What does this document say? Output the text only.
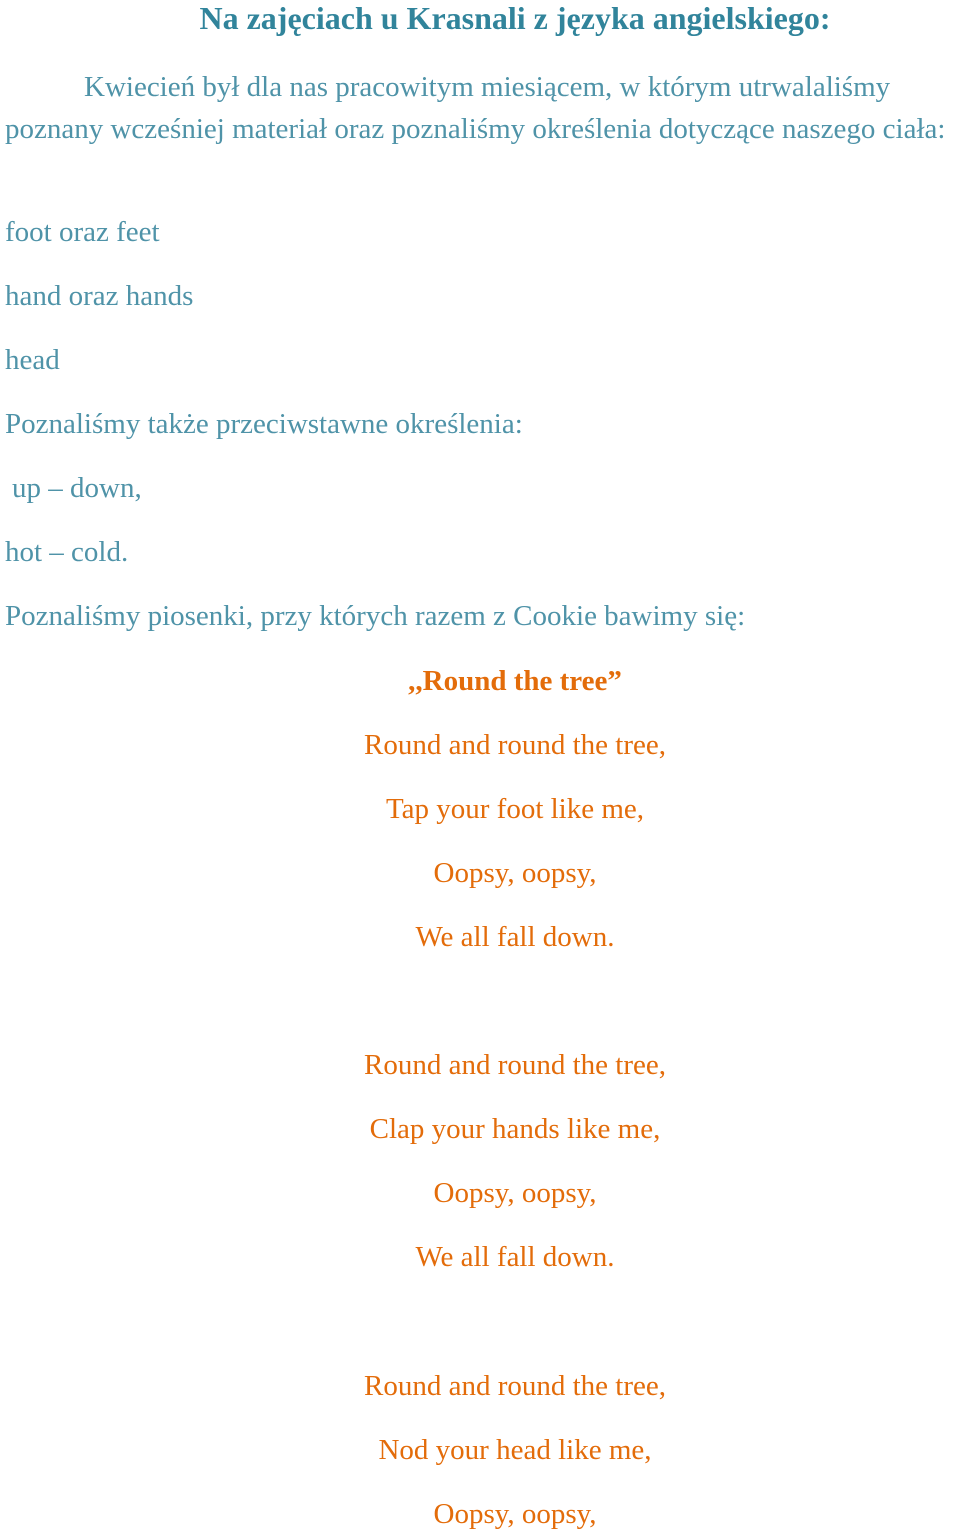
Na zajęciach u Krasnali z języka angielskiego:
Kwiecień był dla nas pracowitym miesiącem, w którym utrwalaliśmy poznany wcześniej materiał oraz poznaliśmy określenia dotyczące naszego ciała:
foot oraz feet
hand oraz hands
head
Poznaliśmy także przeciwstawne określenia:
up – down,
hot – cold.
Poznaliśmy piosenki, przy których razem z Cookie bawimy się:
,,Round the tree”
Round and round the tree,
Tap your foot like me,
Oopsy, oopsy,
We all fall down.
Round and round the tree,
Clap your hands like me,
Oopsy, oopsy,
We all fall down.
Round and round the tree,
Nod your head like me,
Oopsy, oopsy,
